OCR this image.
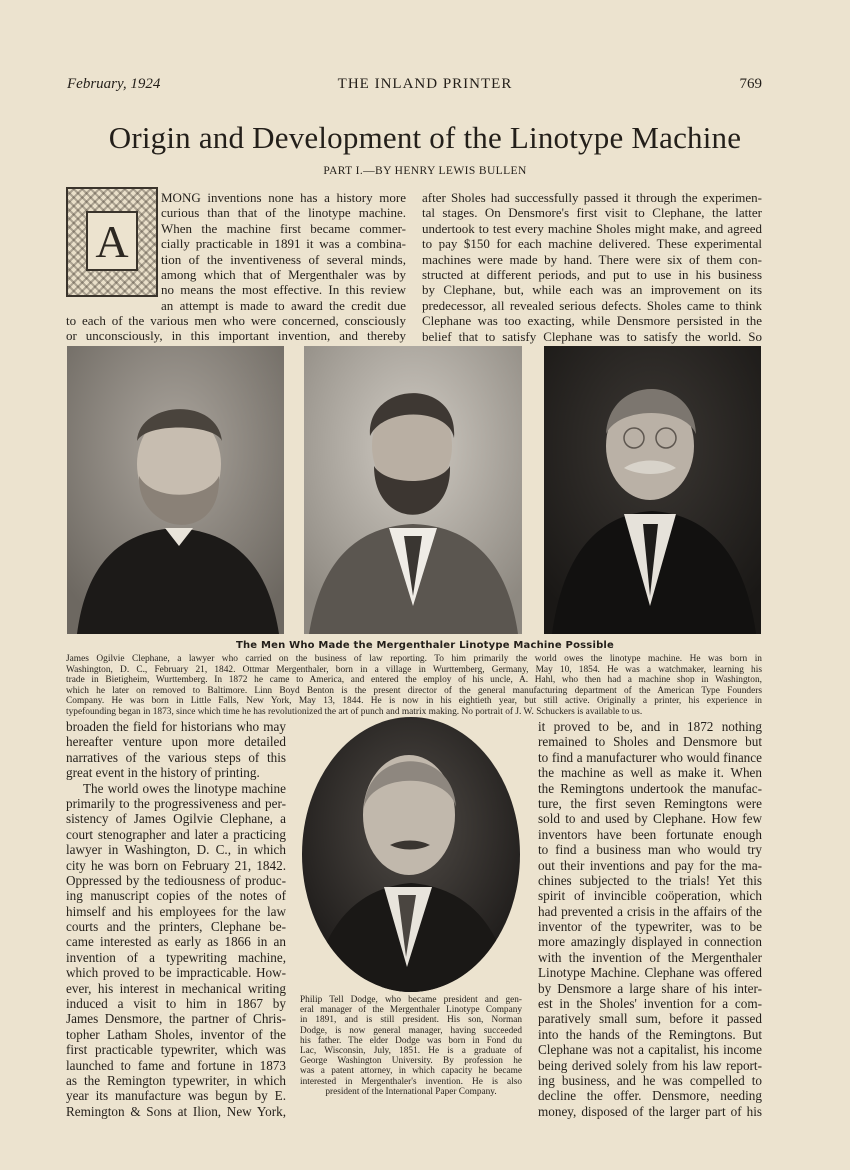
February, 1924	THE INLAND PRINTER	769
Origin and Development of the Linotype Machine
PART I.—BY HENRY LEWIS BULLEN
A
MONG inventions none has a history more
curious than that of the linotype machine.
When the machine first became commer-
cially practicable in 1891 it was a combina-
tion of the inventiveness of several minds,
among which that of Mergenthaler was by
no means the most effective. In this review
an attempt is made to award the credit due
to each of the various men who were concerned, consciously
or unconsciously, in this important invention, and thereby
after Sholes had successfully passed it through the experimen-
tal stages. On Densmore's first visit to Clephane, the latter
undertook to test every machine Sholes might make, and agreed
to pay $150 for each machine delivered. These experimental
machines were made by hand. There were six of them con-
structed at different periods, and put to use in his business
by Clephane, but, while each was an improvement on its
predecessor, all revealed serious defects. Sholes came to think
Clephane was too exacting, while Densmore persisted in the
belief that to satisfy Clephane was to satisfy the world. So
The Men Who Made the Mergenthaler Linotype Machine Possible
James Ogilvie Clephane, a lawyer who carried on the business of law reporting. To him primarily the world owes the linotype machine. He was born in
Washington, D. C., February 21, 1842. Ottmar Mergenthaler, born in a village in Wurttemberg, Germany, May 10, 1854. He was a watchmaker, learning his
trade in Bietigheim, Wurttemberg. In 1872 he came to America, and entered the employ of his uncle, A. Hahl, who then had a machine shop in Washington,
which he later on removed to Baltimore. Linn Boyd Benton is the present director of the general manufacturing department of the American Type Founders
Company. He was born in Little Falls, New York, May 13, 1844. He is now in his eightieth year, but still active. Originally a printer, his experience in
typefounding began in 1873, since which time he has revolutionized the art of punch and matrix making. No portrait of J. W. Schuckers is available to us.
broaden the field for historians who may
hereafter venture upon more detailed
narratives of the various steps of this
great event in the history of printing.
The world owes the linotype machine
primarily to the progressiveness and per-
sistency of James Ogilvie Clephane, a
court stenographer and later a practicing
lawyer in Washington, D. C., in which
city he was born on February 21, 1842.
Oppressed by the tediousness of produc-
ing manuscript copies of the notes of
himself and his employees for the law
courts and the printers, Clephane be-
came interested as early as 1866 in an
invention of a typewriting machine,
which proved to be impracticable. How-
ever, his interest in mechanical writing
induced a visit to him in 1867 by
James Densmore, the partner of Chris-
topher Latham Sholes, inventor of the
first practicable typewriter, which was
launched to fame and fortune in 1873
as the Remington typewriter, in which
year its manufacture was begun by E.
Remington & Sons at Ilion, New York,
Philip Tell Dodge, who became president and gen-
eral manager of the Mergenthaler Linotype Company
in 1891, and is still president. His son, Norman
Dodge, is now general manager, having succeeded
his father. The elder Dodge was born in Fond du
Lac, Wisconsin, July, 1851. He is a graduate of
George Washington University. By profession he
was a patent attorney, in which capacity he became
interested in Mergenthaler's invention. He is also
president of the International Paper Company.
it proved to be, and in 1872 nothing
remained to Sholes and Densmore but
to find a manufacturer who would finance
the machine as well as make it. When
the Remingtons undertook the manufac-
ture, the first seven Remingtons were
sold to and used by Clephane. How few
inventors have been fortunate enough
to find a business man who would try
out their inventions and pay for the ma-
chines subjected to the trials! Yet this
spirit of invincible coöperation, which
had prevented a crisis in the affairs of the
inventor of the typewriter, was to be
more amazingly displayed in connection
with the invention of the Mergenthaler
Linotype Machine. Clephane was offered
by Densmore a large share of his inter-
est in the Sholes' invention for a com-
paratively small sum, before it passed
into the hands of the Remingtons. But
Clephane was not a capitalist, his income
being derived solely from his law report-
ing business, and he was compelled to
decline the offer. Densmore, needing
money, disposed of the larger part of his
